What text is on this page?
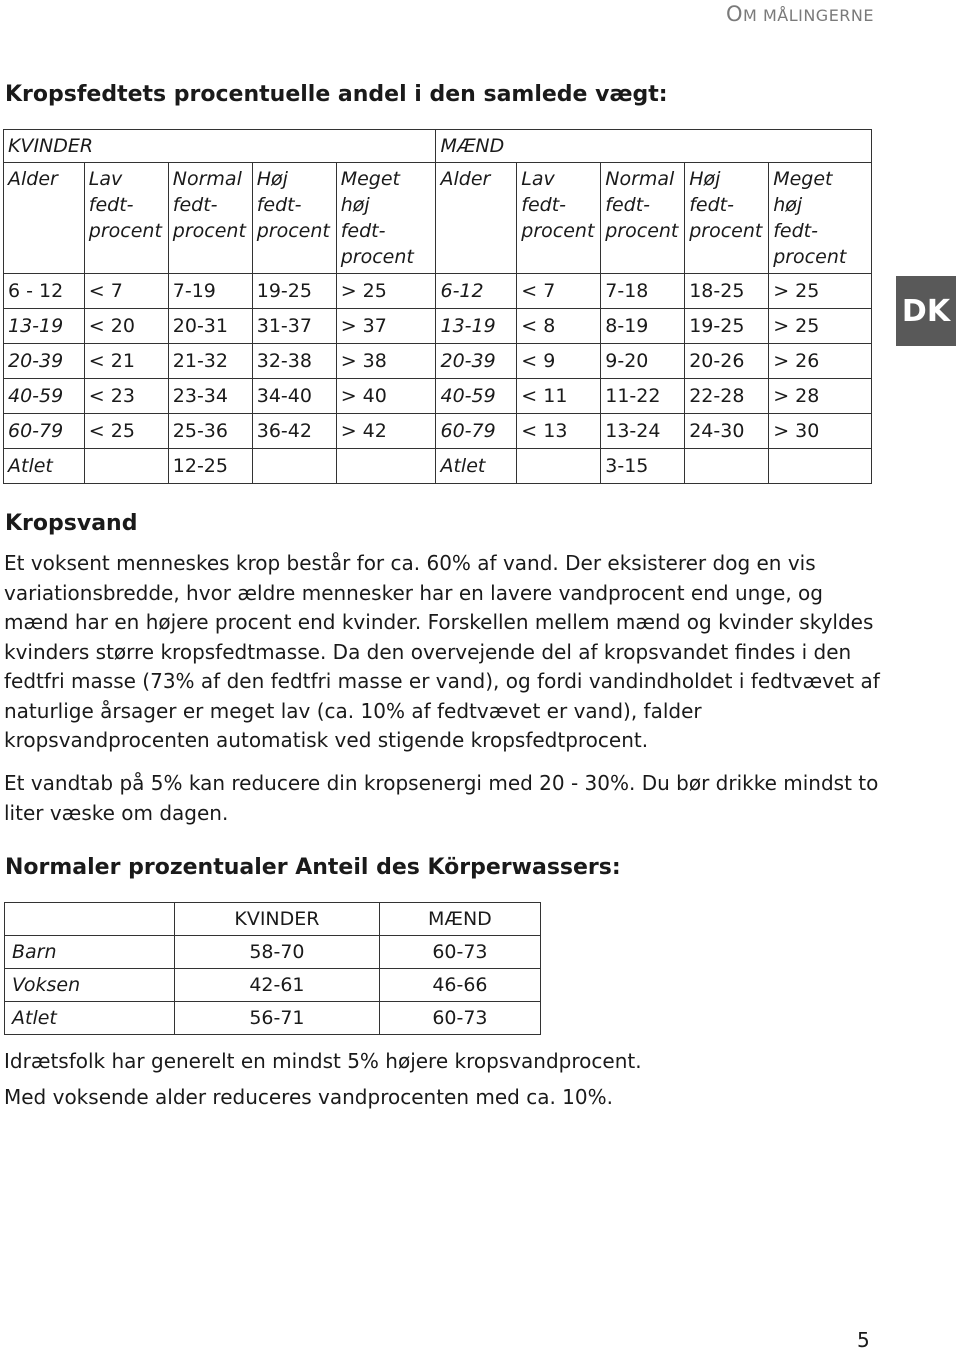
OM MÅLINGERNE
Kropsfedtets procentuelle andel i den samlede vægt:
KVINDER					MÆND				

Alder	Lav
fedt-
procent	Normal
fedt-
procent	Høj
fedt-
procent	Meget
høj
fedt-
procent	Alder	Lav
fedt-
procent	Normal
fedt-
procent	Høj
fedt-
procent	Meget
høj
fedt-
procent

6 - 12	< 7	7-19	19-25	> 25	6-12	< 7	7-18	18-25	> 25
13-19	< 20	20-31	31-37	> 37	13-19	< 8	8-19	19-25	> 25
20-39	< 21	21-32	32-38	> 38	20-39	< 9	9-20	20-26	> 26
40-59	< 23	23-34	34-40	> 40	40-59	< 11	11-22	22-28	> 28
60-79	< 25	25-36	36-42	> 42	60-79	< 13	13-24	24-30	> 30
Atlet		12-25			Atlet		3-15		
DK
Kropsvand

Et voksent menneskes krop består for ca. 60% af vand. Der eksisterer dog en vis variationsbredde, hvor ældre mennesker har en lavere vandprocent end unge, og mænd har en højere procent end kvinder. Forskellen mellem mænd og kvinder skyldes kvinders større kropsfedtmasse. Da den overvejende del af kropsvandet findes i den fedtfri masse (73% af den fedtfri masse er vand), og fordi vandindholdet i fedtvævet af naturlige årsager er meget lav (ca. 10% af fedtvævet er vand), falder kropsvandprocenten automatisk ved stigende kropsfedtprocent.

Et vandtab på 5% kan reducere din kropsenergi med 20 - 30%. Du bør drikke mindst to liter væske om dagen.

Normaler prozentualer Anteil des Körperwassers:
	KVINDER	MÆND
Barn	58-70	60-73
Voksen	42-61	46-66
Atlet	56-71	60-73

Idrætsfolk har generelt en mindst 5% højere kropsvandprocent.

Med voksende alder reduceres vandprocenten med ca. 10%.

5
